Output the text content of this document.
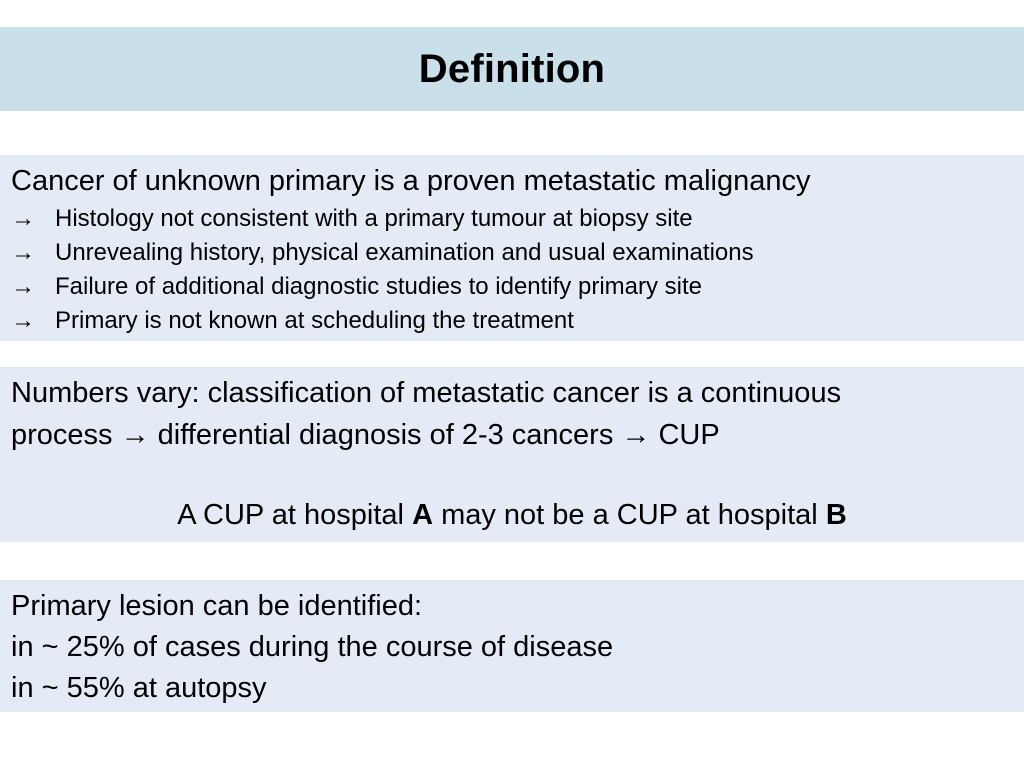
Definition
Cancer of unknown primary is a proven metastatic malignancy
→ Histology not consistent with a primary tumour at biopsy site
→ Unrevealing history, physical examination and usual examinations
→ Failure of additional diagnostic studies to identify primary site
→ Primary is not known at scheduling the treatment
Numbers vary: classification of metastatic cancer is a continuous
process → differential diagnosis of 2-3 cancers → CUP
A CUP at hospital A may not be a CUP at hospital B
Primary lesion can be identified:
in ~ 25% of cases during the course of disease
in ~ 55% at autopsy
